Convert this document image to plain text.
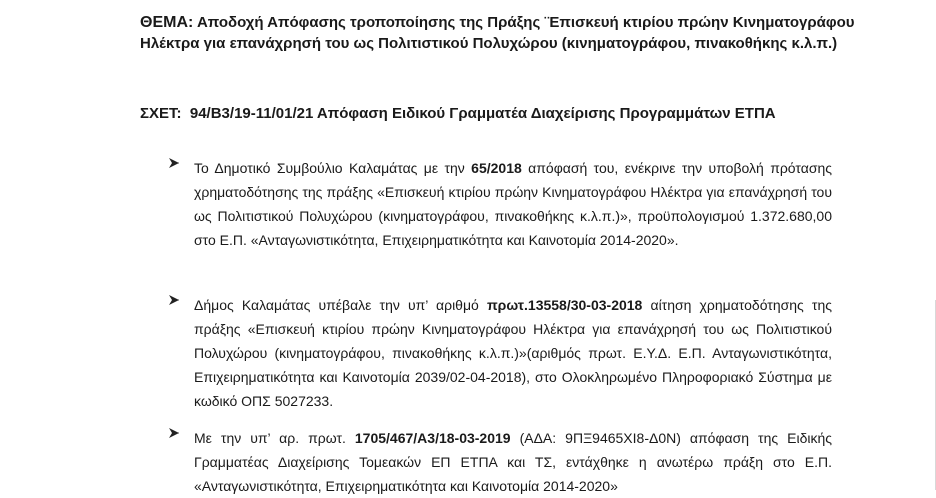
ΘΕΜΑ: Αποδοχή Απόφασης τροποποίησης της Πράξης ¨Επισκευή κτιρίου πρώην Κινηματογράφου Ηλέκτρα για επανάχρησή του ως Πολιτιστικού Πολυχώρου (κινηματογράφου, πινακοθήκης κ.λ.π.)
ΣΧΕΤ: 94/Β3/19-11/01/21 Απόφαση Ειδικού Γραμματέα Διαχείρισης Προγραμμάτων ΕΤΠΑ
Το Δημοτικό Συμβούλιο Καλαμάτας με την 65/2018 απόφασή του, ενέκρινε την υποβολή πρότασης χρηματοδότησης της πράξης «Επισκευή κτιρίου πρώην Κινηματογράφου Ηλέκτρα για επανάχρησή του ως Πολιτιστικού Πολυχώρου (κινηματογράφου, πινακοθήκης κ.λ.π.)», προϋπολογισμού 1.372.680,00 στο Ε.Π. «Ανταγωνιστικότητα, Επιχειρηματικότητα και Καινοτομία 2014-2020».
Δήμος Καλαμάτας υπέβαλε την υπ’ αριθμό πρωτ.13558/30-03-2018 αίτηση χρηματοδότησης της πράξης «Επισκευή κτιρίου πρώην Κινηματογράφου Ηλέκτρα για επανάχρησή του ως Πολιτιστικού Πολυχώρου (κινηματογράφου, πινακοθήκης κ.λ.π.)»(αριθμός πρωτ. Ε.Υ.Δ. Ε.Π. Ανταγωνιστικότητα, Επιχειρηματικότητα και Καινοτομία 2039/02-04-2018), στο Ολοκληρωμένο Πληροφοριακό Σύστημα με κωδικό ΟΠΣ 5027233.
Με την υπ’ αρ. πρωτ. 1705/467/Α3/18-03-2019 (ΑΔΑ: 9ΠΞ9465ΧΙ8-Δ0Ν) απόφαση της Ειδικής Γραμματέας Διαχείρισης Τομεακών ΕΠ ΕΤΠΑ και ΤΣ, εντάχθηκε η ανωτέρω πράξη στο Ε.Π. «Ανταγωνιστικότητα, Επιχειρηματικότητα και Καινοτομία 2014-2020»
